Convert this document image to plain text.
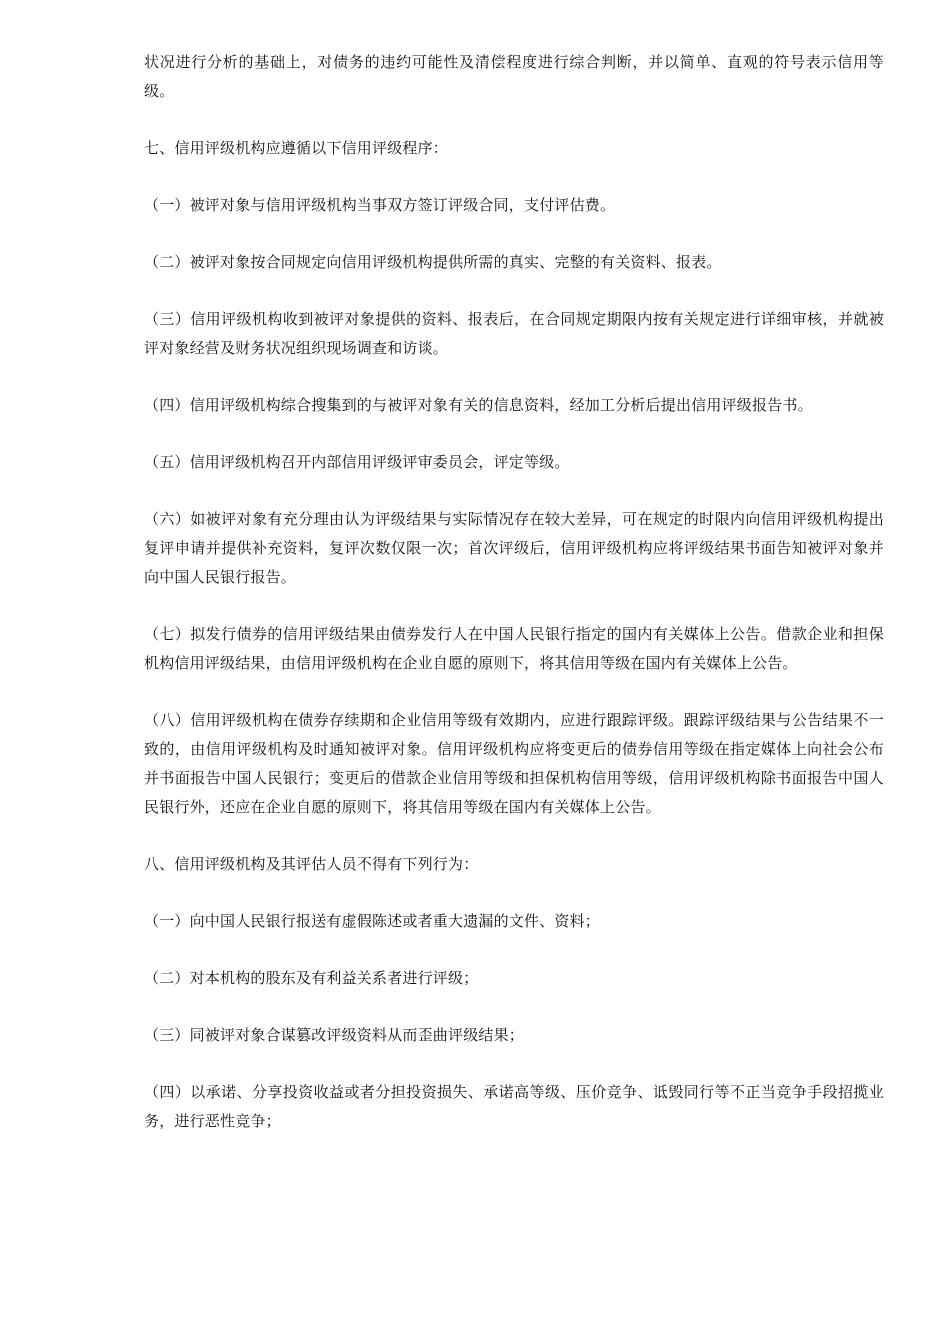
状况进行分析的基础上，对债务的违约可能性及清偿程度进行综合判断，并以简单、直观的符号表示信用等级。

七、信用评级机构应遵循以下信用评级程序：

（一）被评对象与信用评级机构当事双方签订评级合同，支付评估费。

（二）被评对象按合同规定向信用评级机构提供所需的真实、完整的有关资料、报表。

（三）信用评级机构收到被评对象提供的资料、报表后，在合同规定期限内按有关规定进行详细审核，并就被评对象经营及财务状况组织现场调查和访谈。

（四）信用评级机构综合搜集到的与被评对象有关的信息资料，经加工分析后提出信用评级报告书。

（五）信用评级机构召开内部信用评级评审委员会，评定等级。

（六）如被评对象有充分理由认为评级结果与实际情况存在较大差异，可在规定的时限内向信用评级机构提出复评申请并提供补充资料，复评次数仅限一次；首次评级后，信用评级机构应将评级结果书面告知被评对象并向中国人民银行报告。

（七）拟发行债券的信用评级结果由债券发行人在中国人民银行指定的国内有关媒体上公告。借款企业和担保机构信用评级结果，由信用评级机构在企业自愿的原则下，将其信用等级在国内有关媒体上公告。

（八）信用评级机构在债券存续期和企业信用等级有效期内，应进行跟踪评级。跟踪评级结果与公告结果不一致的，由信用评级机构及时通知被评对象。信用评级机构应将变更后的债券信用等级在指定媒体上向社会公布并书面报告中国人民银行；变更后的借款企业信用等级和担保机构信用等级，信用评级机构除书面报告中国人民银行外，还应在企业自愿的原则下，将其信用等级在国内有关媒体上公告。

八、信用评级机构及其评估人员不得有下列行为：

（一）向中国人民银行报送有虚假陈述或者重大遗漏的文件、资料；

（二）对本机构的股东及有利益关系者进行评级；

（三）同被评对象合谋篡改评级资料从而歪曲评级结果；

（四）以承诺、分享投资收益或者分担投资损失、承诺高等级、压价竞争、诋毁同行等不正当竞争手段招揽业务，进行恶性竞争；
